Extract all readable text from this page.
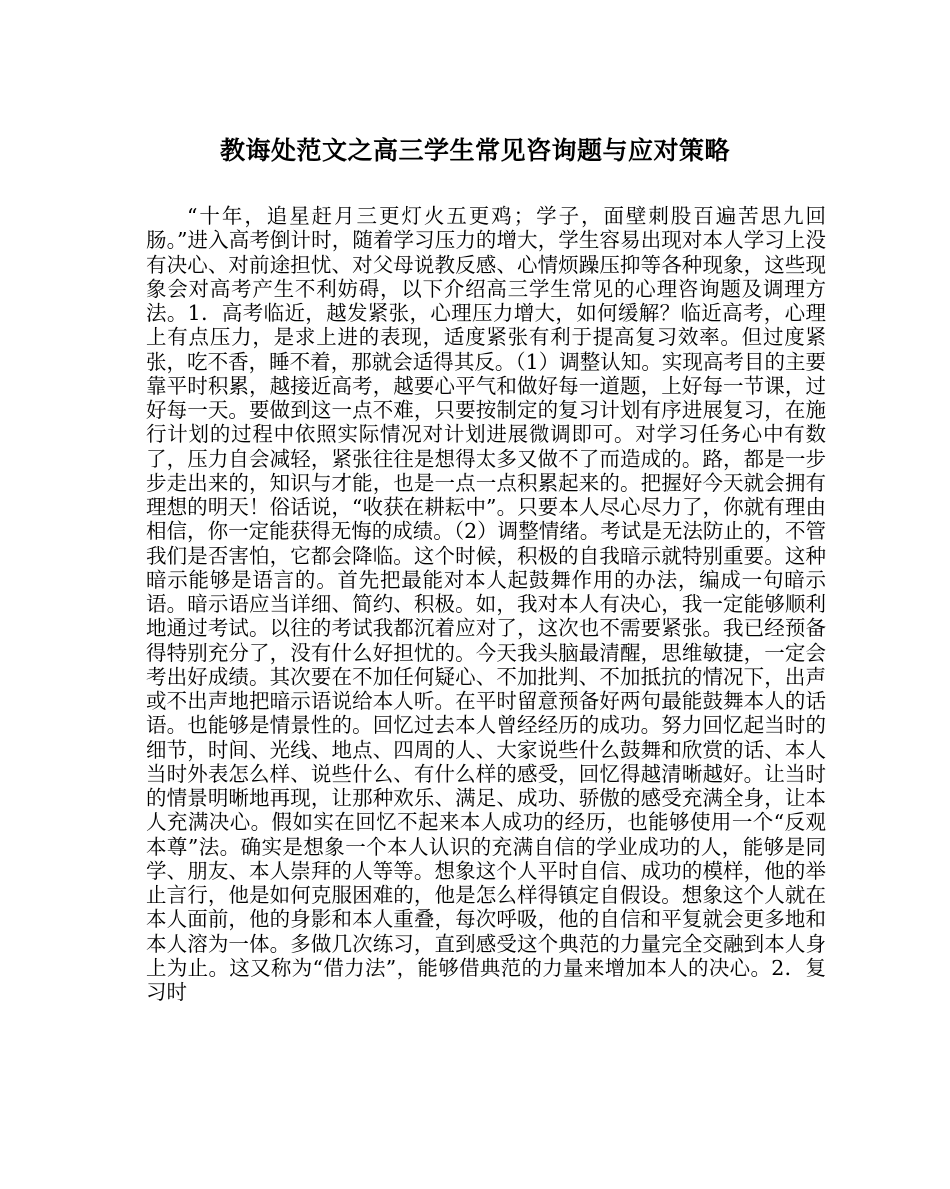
教诲处范文之高三学生常见咨询题与应对策略

“十年，追星赶月三更灯火五更鸡；学子，面壁刺股百遍苦思九回肠。”进入高考倒计时，随着学习压力的增大，学生容易出现对本人学习上没有决心、对前途担忧、对父母说教反感、心情烦躁压抑等各种现象，这些现象会对高考产生不利妨碍，以下介绍高三学生常见的心理咨询题及调理方法。1．高考临近，越发紧张，心理压力增大，如何缓解？临近高考，心理上有点压力，是求上进的表现，适度紧张有利于提高复习效率。但过度紧张，吃不香，睡不着，那就会适得其反。（1）调整认知。实现高考目的主要靠平时积累，越接近高考，越要心平气和做好每一道题，上好每一节课，过好每一天。要做到这一点不难，只要按制定的复习计划有序进展复习，在施行计划的过程中依照实际情况对计划进展微调即可。对学习任务心中有数了，压力自会减轻，紧张往往是想得太多又做不了而造成的。路，都是一步步走出来的，知识与才能，也是一点一点积累起来的。把握好今天就会拥有理想的明天！俗话说，“收获在耕耘中”。只要本人尽心尽力了，你就有理由相信，你一定能获得无悔的成绩。（2）调整情绪。考试是无法防止的，不管我们是否害怕，它都会降临。这个时候，积极的自我暗示就特别重要。这种暗示能够是语言的。首先把最能对本人起鼓舞作用的办法，编成一句暗示语。暗示语应当详细、简约、积极。如，我对本人有决心，我一定能够顺利地通过考试。以往的考试我都沉着应对了，这次也不需要紧张。我已经预备得特别充分了，没有什么好担忧的。今天我头脑最清醒，思维敏捷，一定会考出好成绩。其次要在不加任何疑心、不加批判、不加抵抗的情况下，出声或不出声地把暗示语说给本人听。在平时留意预备好两句最能鼓舞本人的话语。也能够是情景性的。回忆过去本人曾经经历的成功。努力回忆起当时的细节，时间、光线、地点、四周的人、大家说些什么鼓舞和欣赏的话、本人当时外表怎么样、说些什么、有什么样的感受，回忆得越清晰越好。让当时的情景明晰地再现，让那种欢乐、满足、成功、骄傲的感受充满全身，让本人充满决心。假如实在回忆不起来本人成功的经历，也能够使用一个“反观本尊”法。确实是想象一个本人认识的充满自信的学业成功的人，能够是同学、朋友、本人崇拜的人等等。想象这个人平时自信、成功的模样，他的举止言行，他是如何克服困难的，他是怎么样得镇定自假设。想象这个人就在本人面前，他的身影和本人重叠，每次呼吸，他的自信和平复就会更多地和本人溶为一体。多做几次练习，直到感受这个典范的力量完全交融到本人身上为止。这又称为“借力法”，能够借典范的力量来增加本人的决心。2．复习时
